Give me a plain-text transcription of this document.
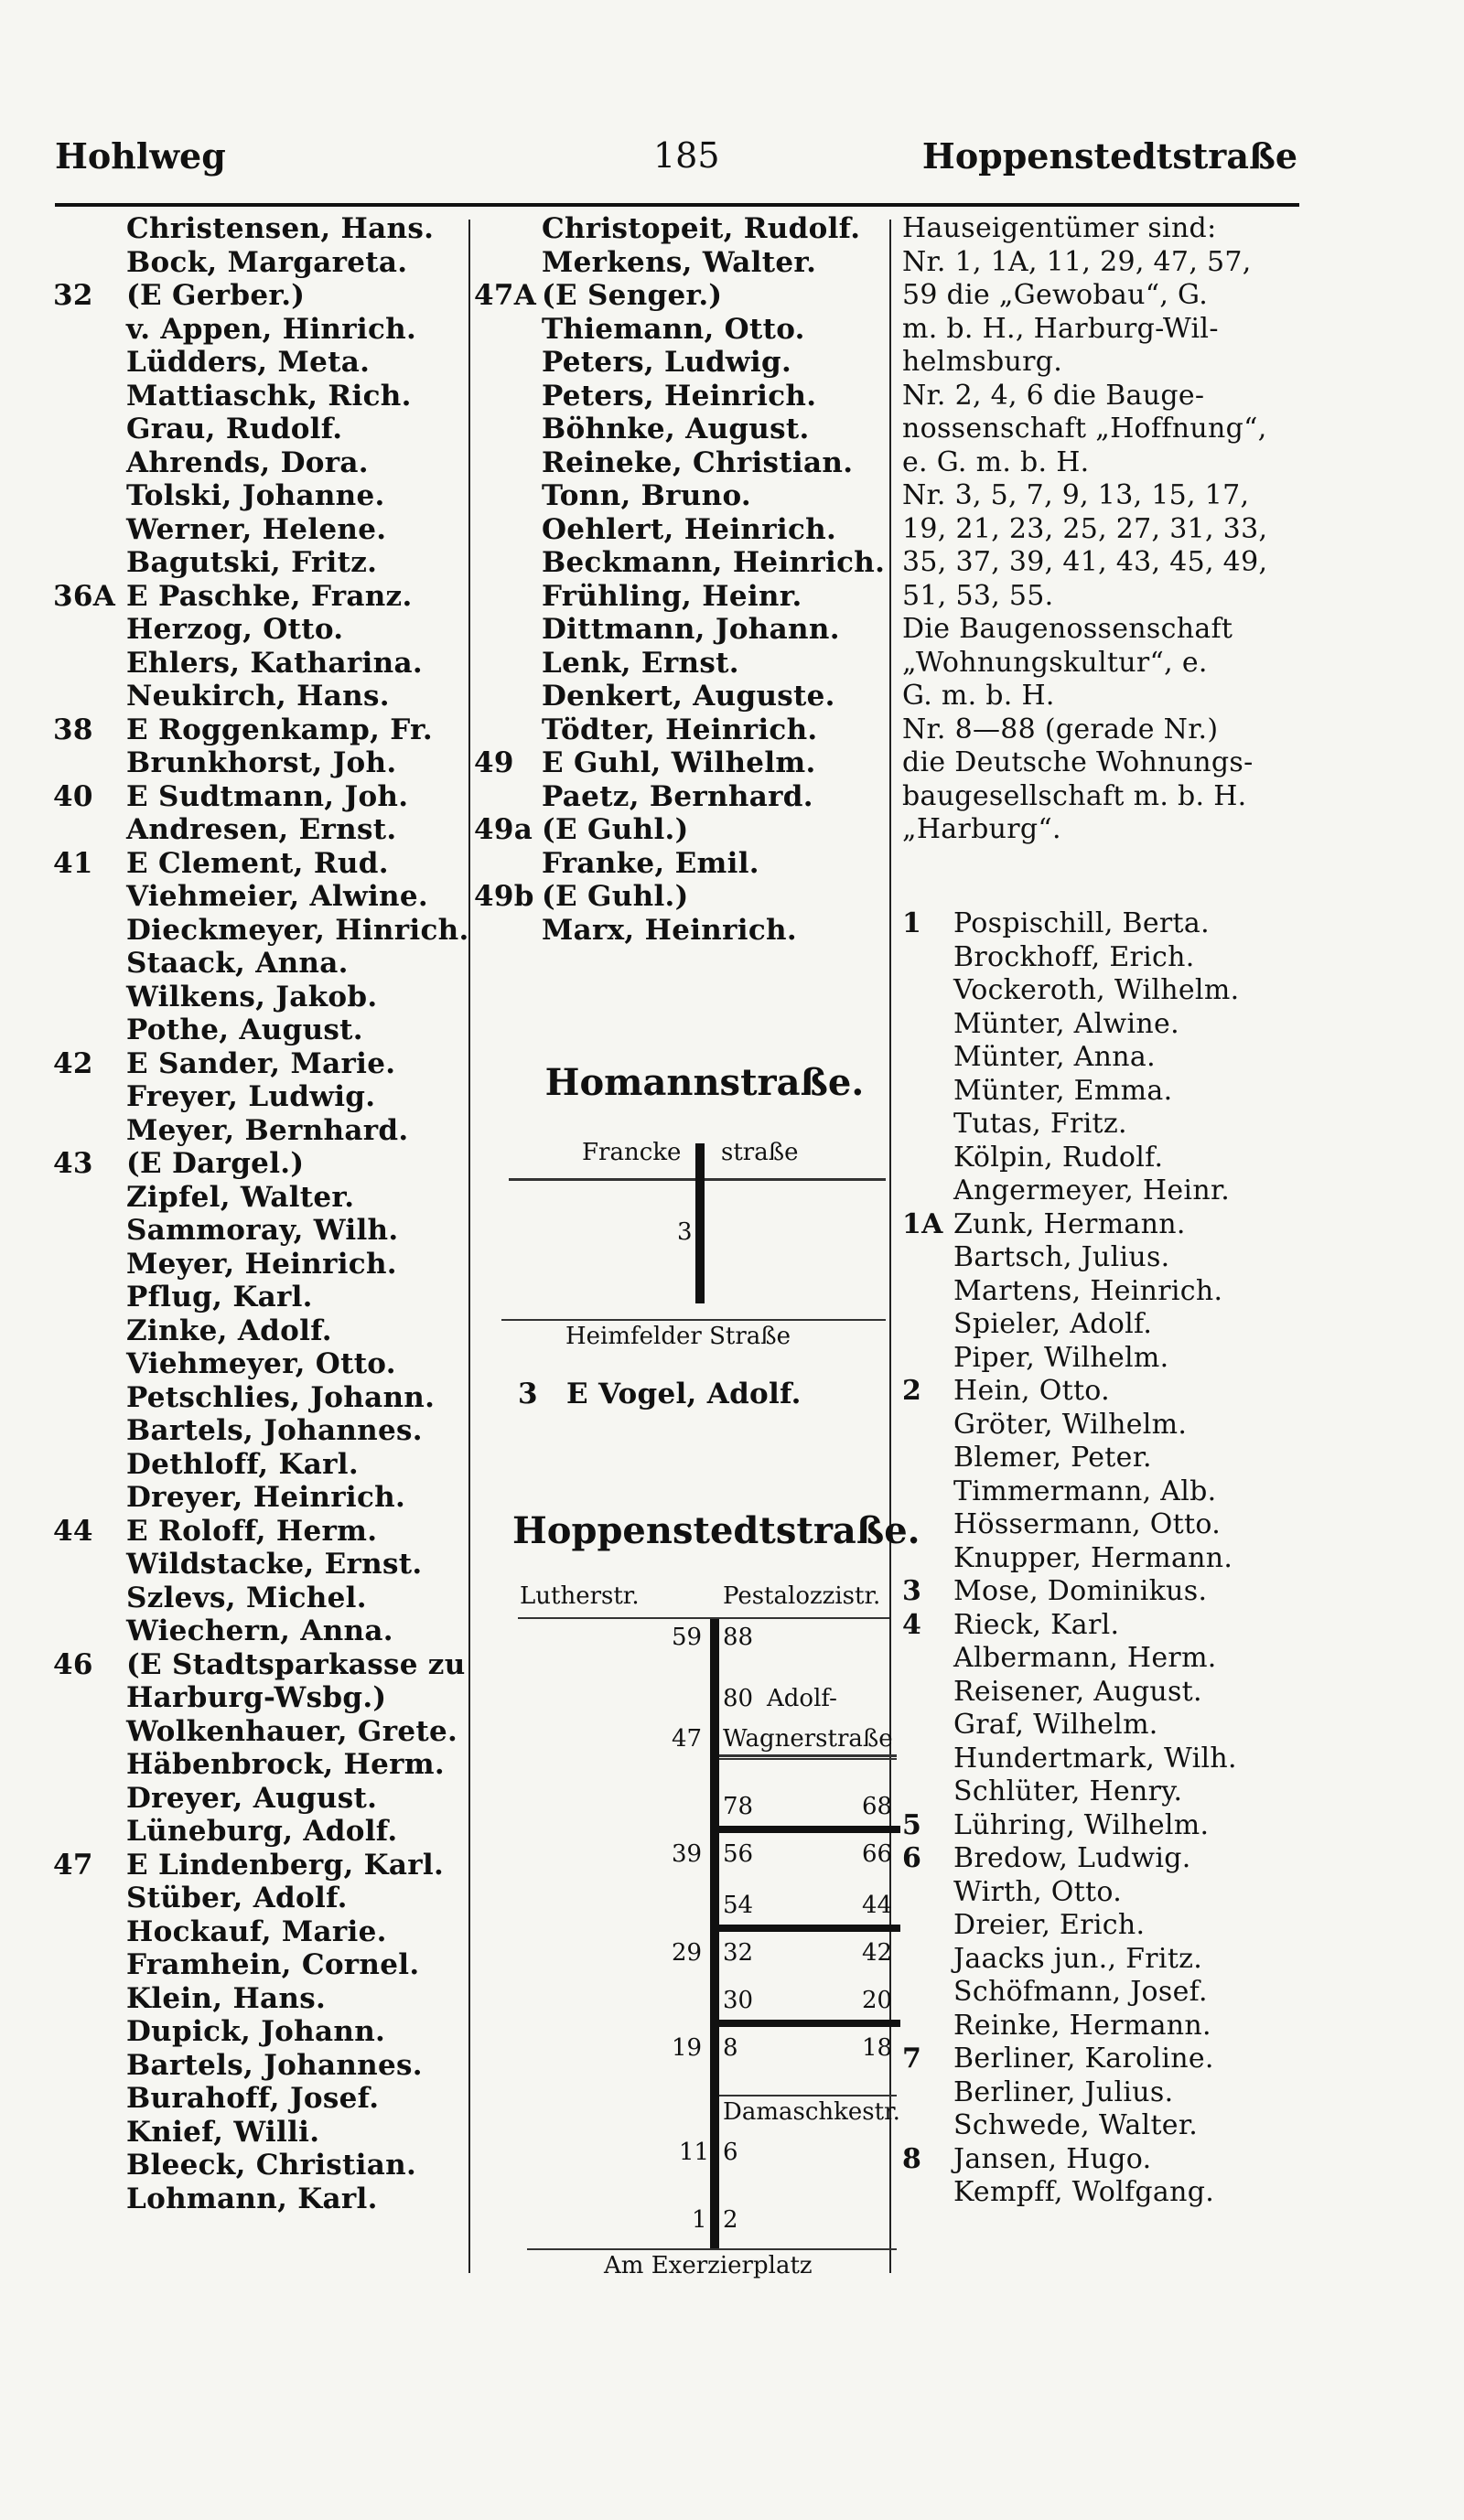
Hohlweg	185	Hoppenstedtstraße
Christensen, Hans.
Bock, Margareta.
32	(E Gerber.)
v. Appen, Hinrich.
Lüdders, Meta.
Mattiaschk, Rich.
Grau, Rudolf.
Ahrends, Dora.
Tolski, Johanne.
Werner, Helene.
Bagutski, Fritz.
36A E Paschke, Franz.
Herzog, Otto.
Ehlers, Katharina.
Neukirch, Hans.
38	E Roggenkamp, Fr.
Brunkhorst, Joh.
40	E Sudtmann, Joh.
Andresen, Ernst.
41	E Clement, Rud.
Viehmeier, Alwine.
Dieckmeyer, Hinrich.
Staack, Anna.
Wilkens, Jakob.
Pothe, August.
42	E Sander, Marie.
Freyer, Ludwig.
Meyer, Bernhard.
43	(E Dargel.)
Zipfel, Walter.
Sammoray, Wilh.
Meyer, Heinrich.
Pflug, Karl.
Zinke, Adolf.
Viehmeyer, Otto.
Petschlies, Johann.
Bartels, Johannes.
Dethloff, Karl.
Dreyer, Heinrich.
44	E Roloff, Herm.
Wildstacke, Ernst.
Szlevs, Michel.
Wiechern, Anna.
46	(E Stadtsparkasse zu
Harburg-Wsbg.)
Wolkenhauer, Grete.
Häbenbrock, Herm.
Dreyer, August.
Lüneburg, Adolf.
47	E Lindenberg, Karl.
Stüber, Adolf.
Hockauf, Marie.
Framhein, Cornel.
Klein, Hans.
Dupick, Johann.
Bartels, Johannes.
Burahoff, Josef.
Knief, Willi.
Bleeck, Christian.
Lohmann, Karl.
Christopeit, Rudolf.
Merkens, Walter.
47A (E Senger.)
Thiemann, Otto.
Peters, Ludwig.
Peters, Heinrich.
Böhnke, August.
Reineke, Christian.
Tonn, Bruno.
Oehlert, Heinrich.
Beckmann, Heinrich.
Frühling, Heinr.
Dittmann, Johann.
Lenk, Ernst.
Denkert, Auguste.
Tödter, Heinrich.
49 E Guhl, Wilhelm.
Paetz, Bernhard.
49a (E Guhl.)
Franke, Emil.
49b (E Guhl.)
Marx, Heinrich.
Homannstraße.
Francke straße
3
Heimfelder Straße
3 E Vogel, Adolf.
Hoppenstedtstraße.
Lutherstr.	Pestalozzistr.
59 88
80 Adolf-
47 Wagnerstraße
78	68
39 56	66
54	44
29 32	42
30	20
19 8	18
Damaschkestr.
11 6
1 2
Am Exerzierplatz
Hauseigentümer sind:
Nr. 1, 1A, 11, 29, 47, 57,
59 die „Gewobau“, G.
m. b. H., Harburg-Wil-
helmsburg.
Nr. 2, 4, 6 die Bauge-
nossenschaft „Hoffnung“,
e. G. m. b. H.
Nr. 3, 5, 7, 9, 13, 15, 17,
19, 21, 23, 25, 27, 31, 33,
35, 37, 39, 41, 43, 45, 49,
51, 53, 55.
Die Baugenossenschaft
„Wohnungskultur“, e.
G. m. b. H.
Nr. 8—88 (gerade Nr.)
die Deutsche Wohnungs-
baugesellschaft m. b. H.
„Harburg“.
1	Pospischill, Berta.
Brockhoff, Erich.
Vockeroth, Wilhelm.
Münter, Alwine.
Münter, Anna.
Münter, Emma.
Tutas, Fritz.
Kölpin, Rudolf.
Angermeyer, Heinr.
1A Zunk, Hermann.
Bartsch, Julius.
Martens, Heinrich.
Spieler, Adolf.
Piper, Wilhelm.
2	Hein, Otto.
Gröter, Wilhelm.
Blemer, Peter.
Timmermann, Alb.
Hössermann, Otto.
Knupper, Hermann.
3	Mose, Dominikus.
4	Rieck, Karl.
Albermann, Herm.
Reisener, August.
Graf, Wilhelm.
Hundertmark, Wilh.
Schlüter, Henry.
5	Lühring, Wilhelm.
6	Bredow, Ludwig.
Wirth, Otto.
Dreier, Erich.
Jaacks jun., Fritz.
Schöfmann, Josef.
Reinke, Hermann.
7	Berliner, Karoline.
Berliner, Julius.
Schwede, Walter.
8	Jansen, Hugo.
Kempff, Wolfgang.
